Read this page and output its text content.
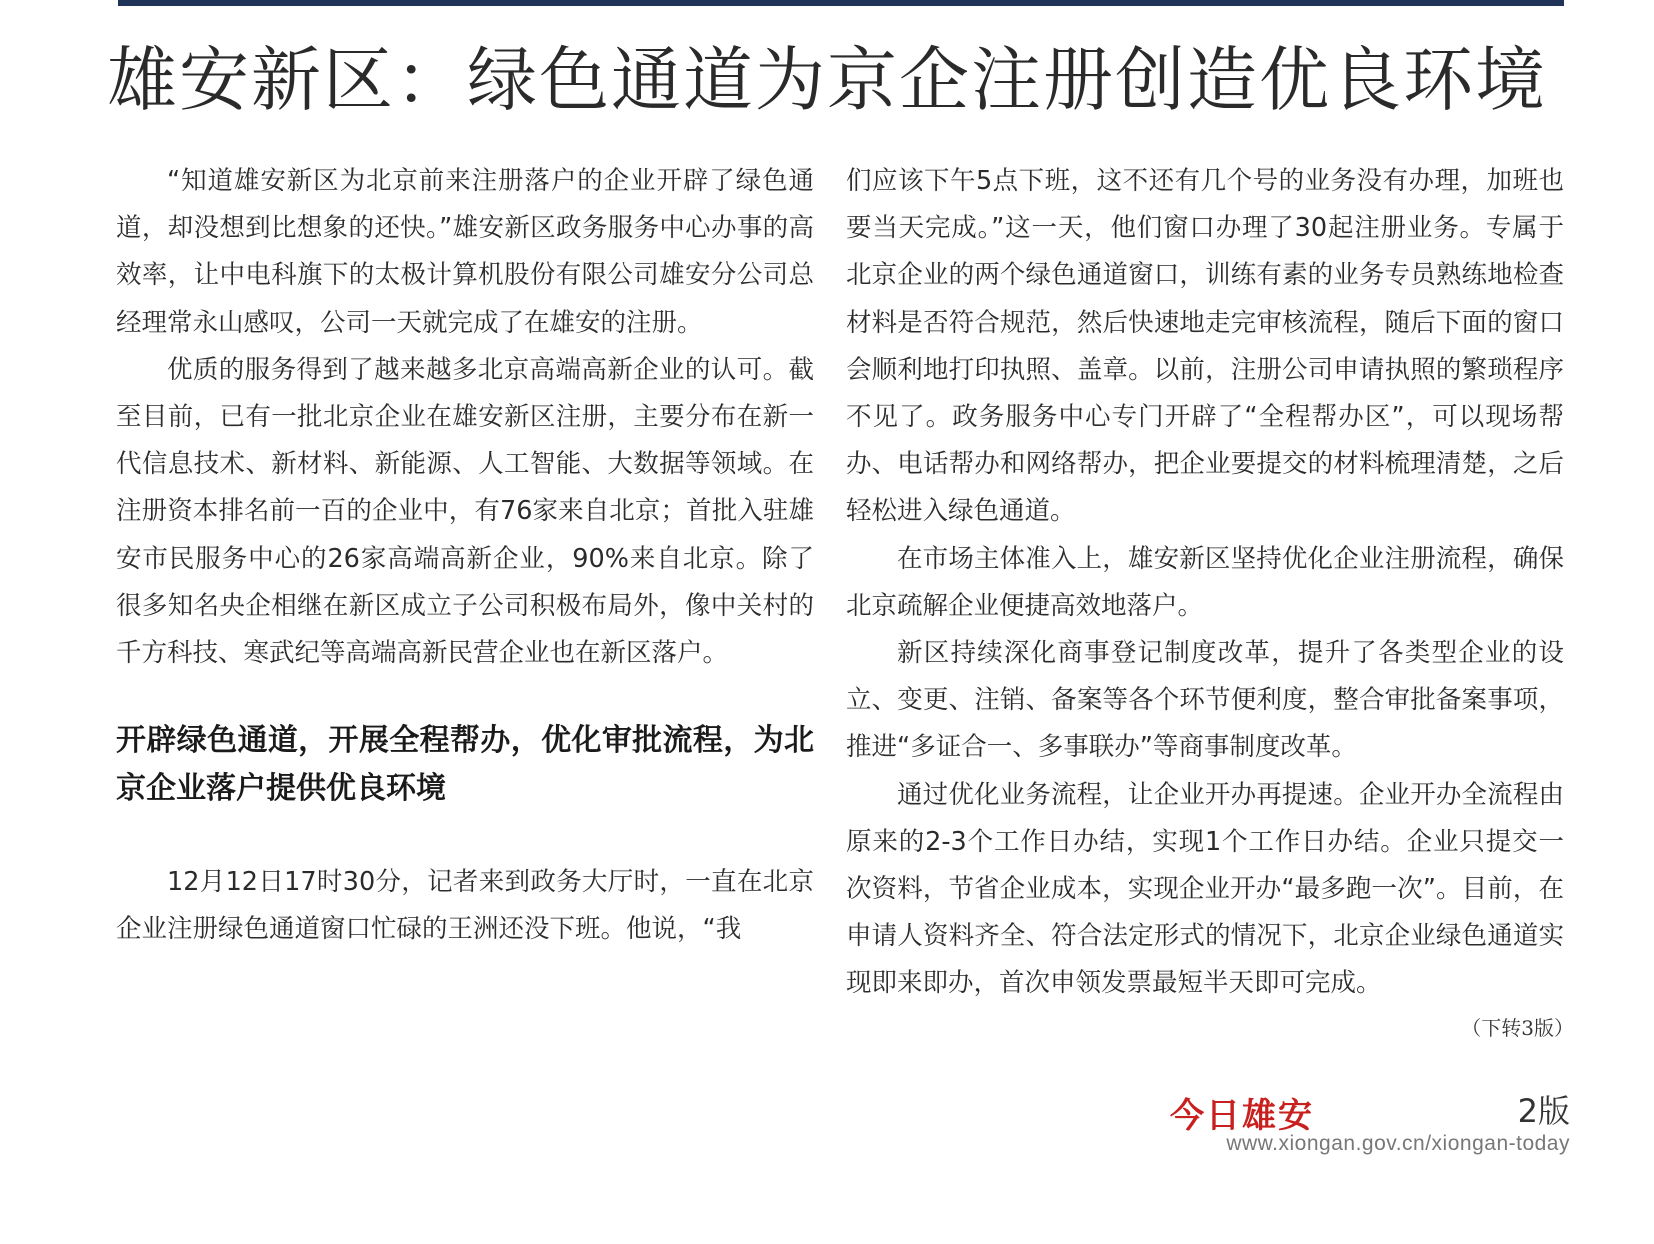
雄安新区：绿色通道为京企注册创造优良环境

“知道雄安新区为北京前来注册落户的企业开辟了绿色通道，却没想到比想象的还快。”雄安新区政务服务中心办事的高效率，让中电科旗下的太极计算机股份有限公司雄安分公司总经理常永山感叹，公司一天就完成了在雄安的注册。

优质的服务得到了越来越多北京高端高新企业的认可。截至目前，已有一批北京企业在雄安新区注册，主要分布在新一代信息技术、新材料、新能源、人工智能、大数据等领域。在注册资本排名前一百的企业中，有76家来自北京；首批入驻雄安市民服务中心的26家高端高新企业，90%来自北京。除了很多知名央企相继在新区成立子公司积极布局外，像中关村的千方科技、寒武纪等高端高新民营企业也在新区落户。

开辟绿色通道，开展全程帮办，优化审批流程，为北京企业落户提供优良环境

12月12日17时30分，记者来到政务大厅时，一直在北京企业注册绿色通道窗口忙碌的王洲还没下班。他说，“我

们应该下午5点下班，这不还有几个号的业务没有办理，加班也要当天完成。”这一天，他们窗口办理了30起注册业务。专属于北京企业的两个绿色通道窗口，训练有素的业务专员熟练地检查材料是否符合规范，然后快速地走完审核流程，随后下面的窗口会顺利地打印执照、盖章。以前，注册公司申请执照的繁琐程序不见了。政务服务中心专门开辟了“全程帮办区”，可以现场帮办、电话帮办和网络帮办，把企业要提交的材料梳理清楚，之后轻松进入绿色通道。

在市场主体准入上，雄安新区坚持优化企业注册流程，确保北京疏解企业便捷高效地落户。

新区持续深化商事登记制度改革，提升了各类型企业的设立、变更、注销、备案等各个环节便利度，整合审批备案事项，推进“多证合一、多事联办”等商事制度改革。

通过优化业务流程，让企业开办再提速。企业开办全流程由原来的2-3个工作日办结，实现1个工作日办结。企业只提交一次资料，节省企业成本，实现企业开办“最多跑一次”。目前，在申请人资料齐全、符合法定形式的情况下，北京企业绿色通道实现即来即办，首次申领发票最短半天即可完成。

（下转3版）
今日雄安	2版
www.xiongan.gov.cn/xiongan-today
